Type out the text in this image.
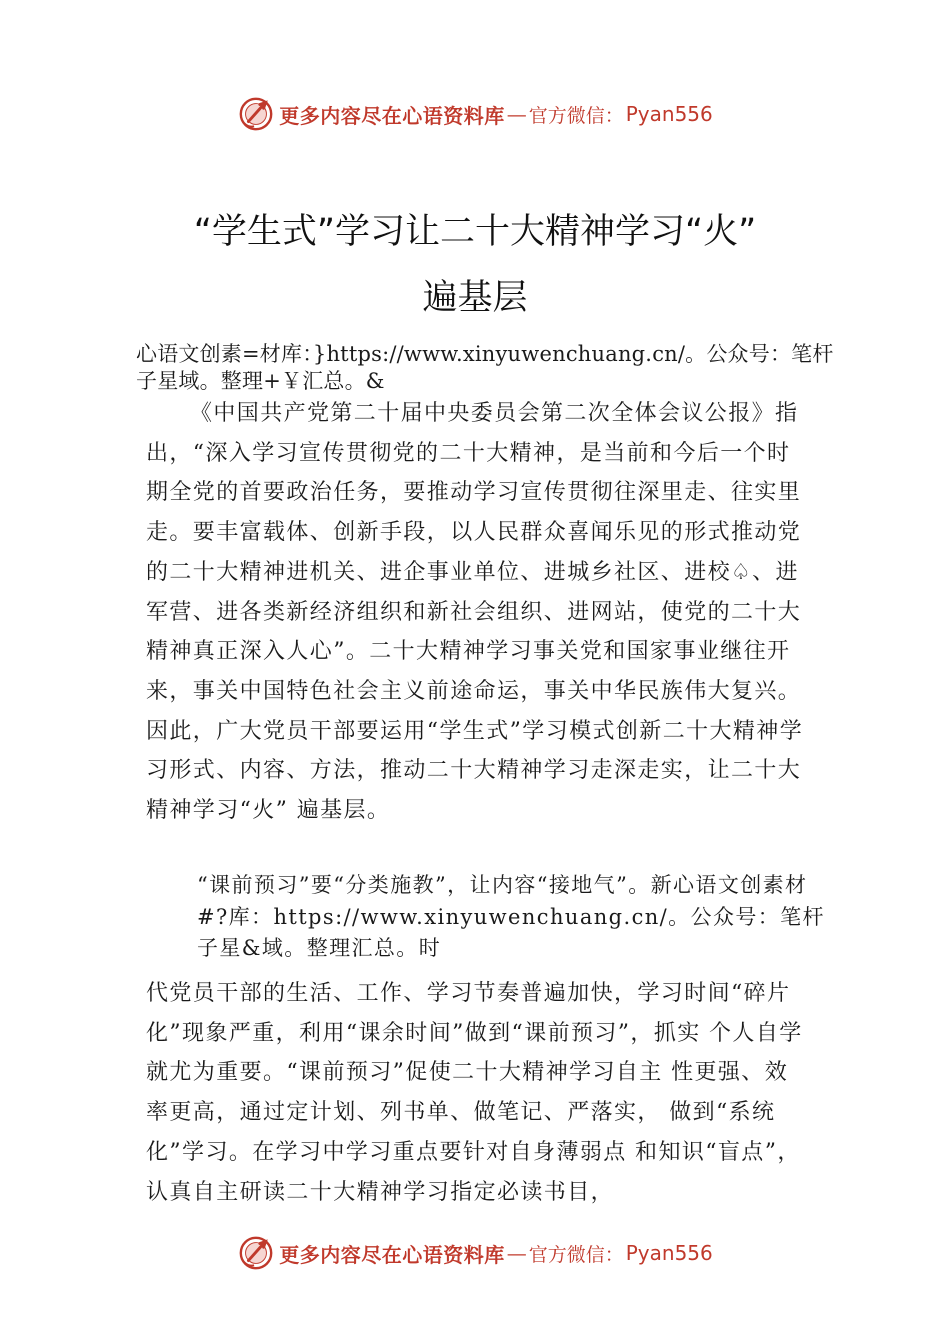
更多内容尽在心语资料库 — 官方微信： Pyan556
“学生式”学习让二十大精神学习“火”
遍基层
心语文创素=材库：}https://www.xinyuwenchuang.cn/。公众号：笔杆子星域。整理+￥汇总。&
《中国共产党第二十届中央委员会第二次全体会议公报》指出，“深入学习宣传贯彻党的二十大精神，是当前和今后一个时期全党的首要政治任务，要推动学习宣传贯彻往深里走、往实里走。要丰富载体、创新手段，以人民群众喜闻乐见的形式推动党的二十大精神进机关、进企事业单位、进城乡社区、进校♤、进军营、进各类新经济组织和新社会组织、进网站，使党的二十大精神真正深入人心”。二十大精神学习事关党和国家事业继往开来，事关中国特色社会主义前途命运，事关中华民族伟大复兴。因此，广大党员干部要运用“学生式”学习模式创新二十大精神学习形式、内容、方法，推动二十大精神学习走深走实，让二十大精神学习“火” 遍基层。
“课前预习”要“分类施教”，让内容“接地气”。新心语文创素材#?库：https://www.xinyuwenchuang.cn/。公众号：笔杆子星&域。整理汇总。时
代党员干部的生活、工作、学习节奏普遍加快，学习时间“碎片化”现象严重，利用“课余时间”做到“课前预习”，抓实 个人自学就尤为重要。“课前预习”促使二十大精神学习自主 性更强、效率更高，通过定计划、列书单、做笔记、严落实， 做到“系统化”学习。在学习中学习重点要针对自身薄弱点 和知识“盲点”，认真自主研读二十大精神学习指定必读书目，
更多内容尽在心语资料库 — 官方微信： Pyan556
